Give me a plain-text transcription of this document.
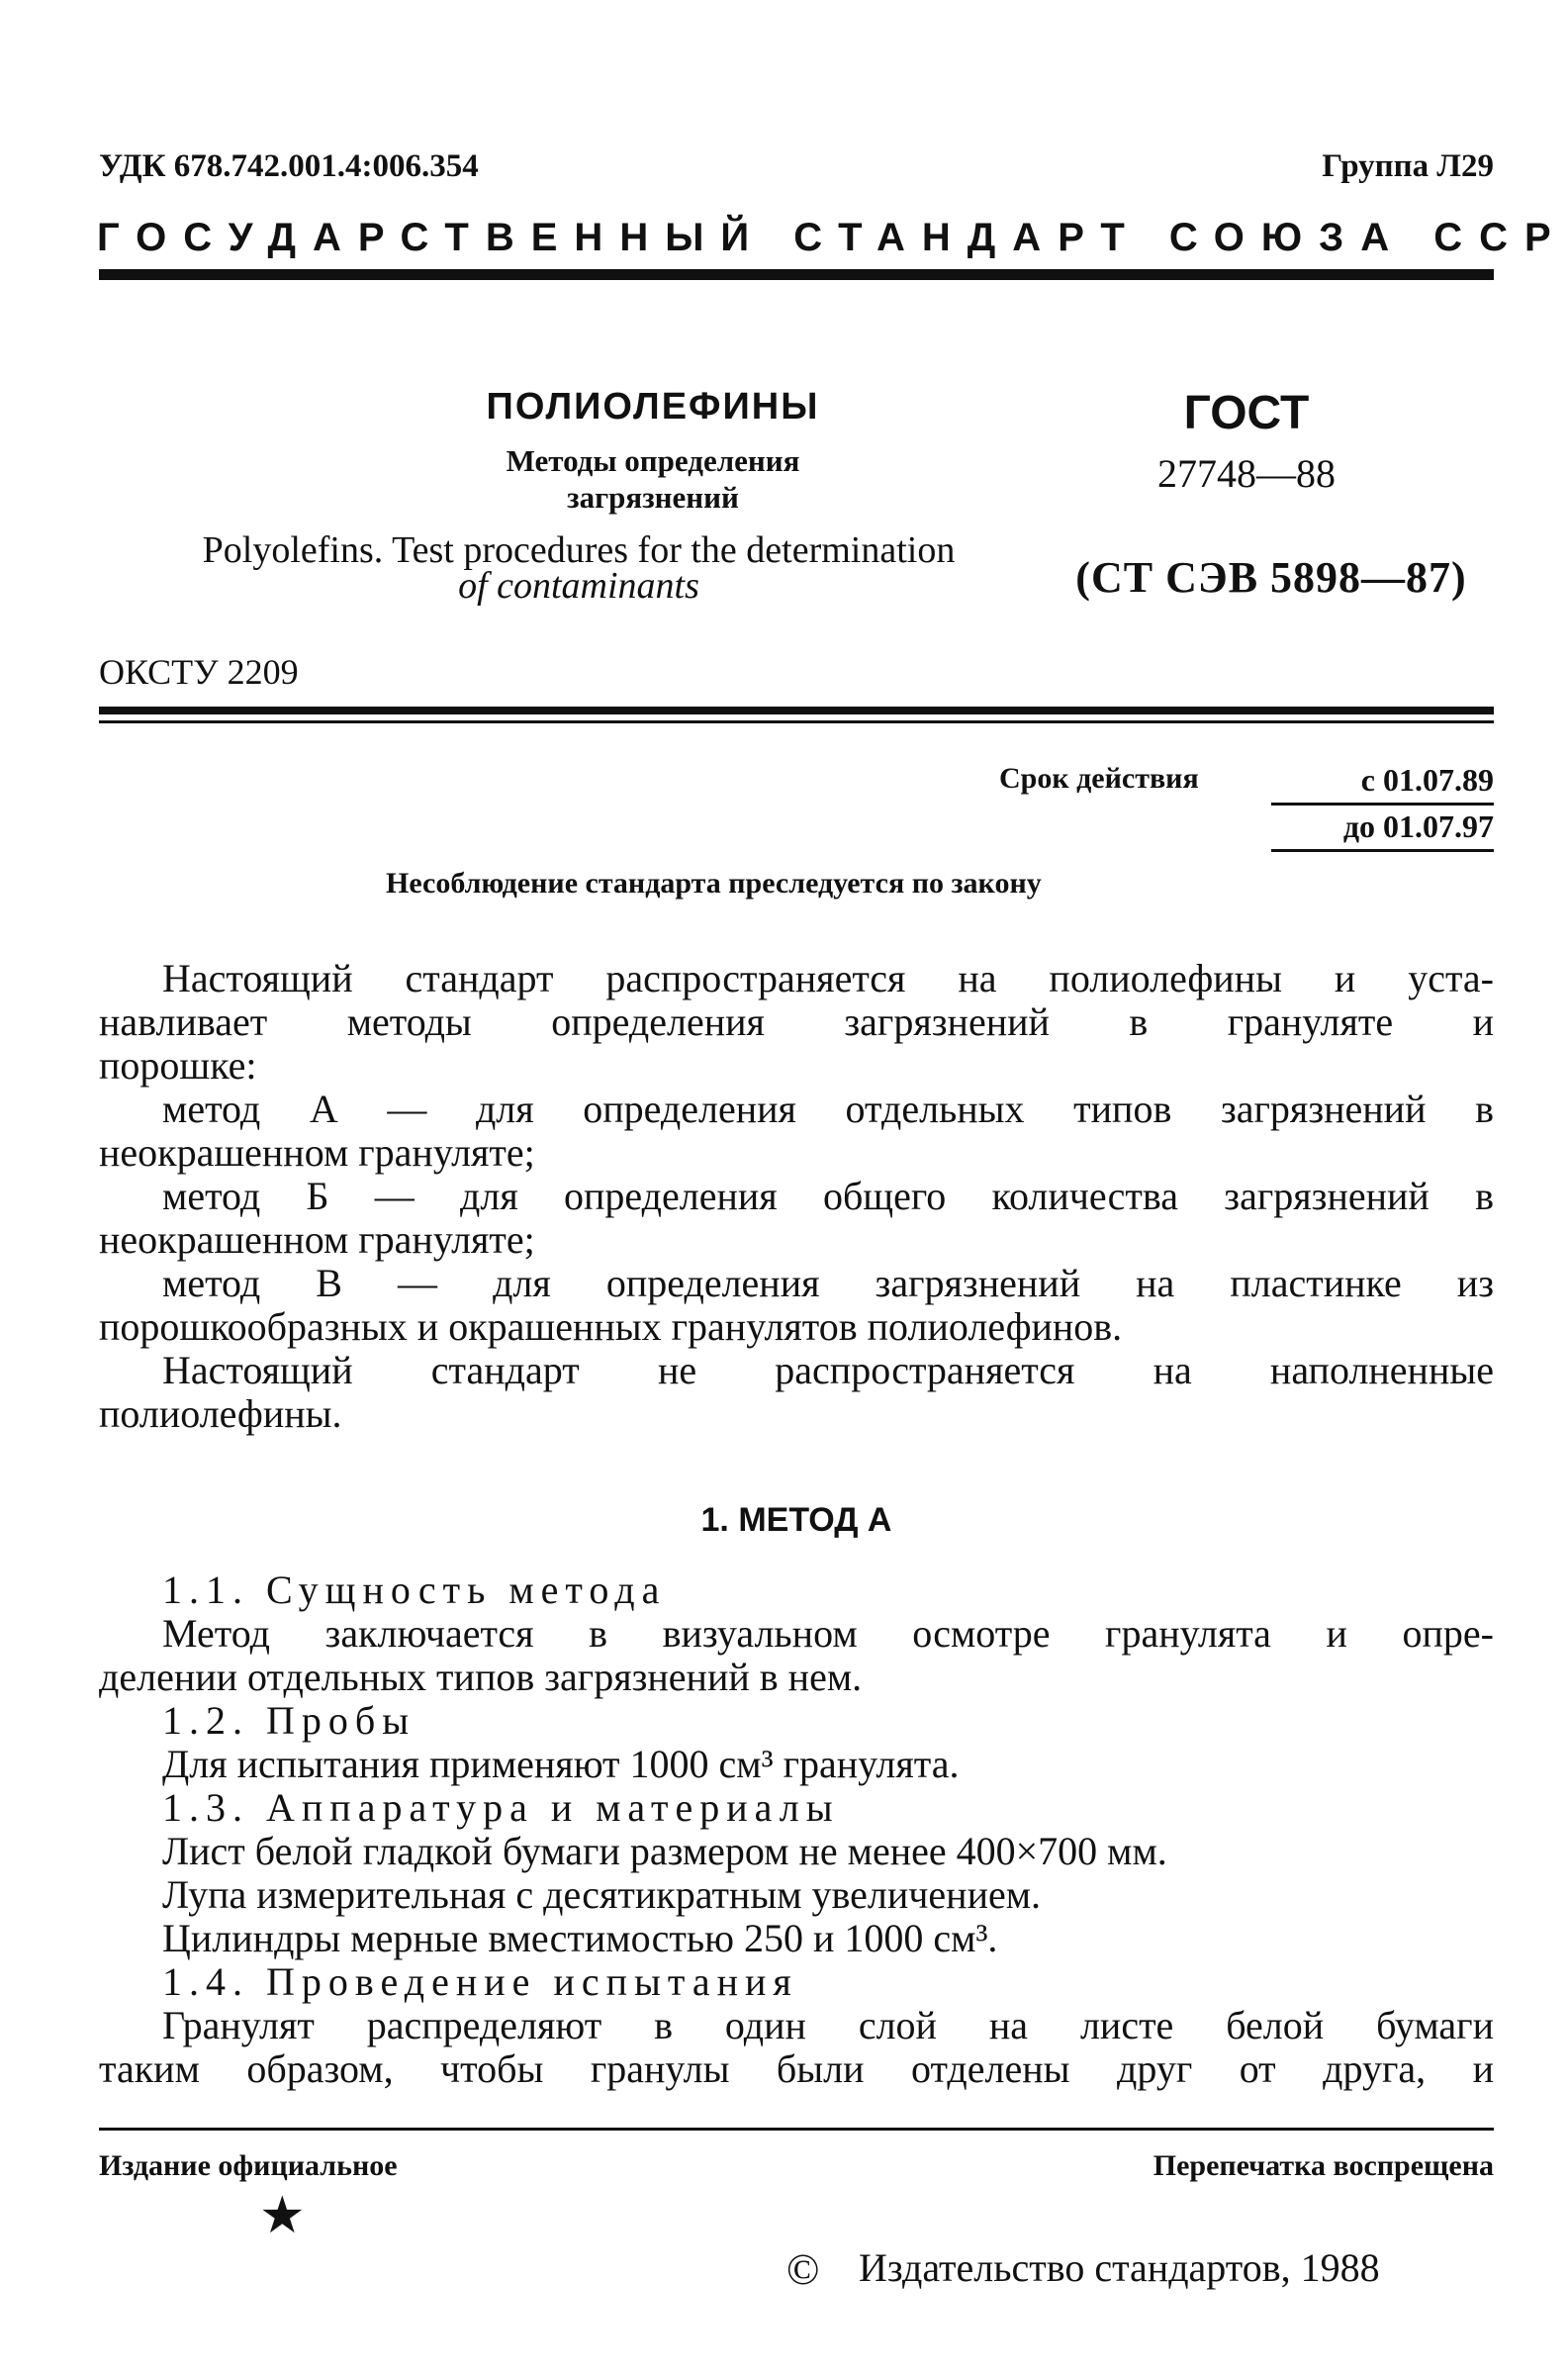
УДК 678.742.001.4:006.354	Группа Л29
ГОСУДАРСТВЕННЫЙ СТАНДАРТ СОЮЗА ССР
ПОЛИОЛЕФИНЫ
Методы определения
загрязнений
Polyolefins. Test procedures for the determination
of contaminants
ГОСТ
27748—88
(СТ СЭВ 5898—87)
ОКСТУ 2209
Срок действия	с 01.07.89
до 01.07.97
Несоблюдение стандарта преследуется по закону
Настоящий стандарт распространяется на полиолефины и уста-
навливает методы определения загрязнений в грануляте и
порошке:
метод А — для определения отдельных типов загрязнений в
неокрашенном грануляте;
метод Б — для определения общего количества загрязнений в
неокрашенном грануляте;
метод В — для определения загрязнений на пластинке из
порошкообразных и окрашенных гранулятов полиолефинов.
Настоящий стандарт не распространяется на наполненные
полиолефины.
1. МЕТОД А
1.1. Сущность метода
Метод заключается в визуальном осмотре гранулята и опре-
делении отдельных типов загрязнений в нем.
1.2. Пробы
Для испытания применяют 1000 см³ гранулята.
1.3. Аппаратура и материалы
Лист белой гладкой бумаги размером не менее 400×700 мм.
Лупа измерительная с десятикратным увеличением.
Цилиндры мерные вместимостью 250 и 1000 см³.
1.4. Проведение испытания
Гранулят распределяют в один слой на листе белой бумаги
таким образом, чтобы гранулы были отделены друг от друга, и
Издание официальное	Перепечатка воспрещена
★
© Издательство стандартов, 1988
